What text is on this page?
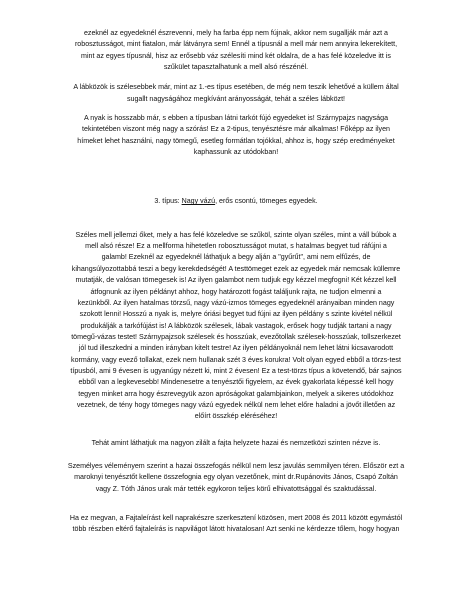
ezeknél az egyedeknél észrevenni, mely ha farba épp nem fújnak, akkor nem sugallják már azt a

robosztusságot, mint fiatalon, már látványra sem! Ennél a típusnál a mell már nem annyira lekerekített,

mint az egyes típusnál, hisz az erősebb váz szélesíti mind két oldalra, de a has felé közeledve itt is

szűkület tapasztalhatunk a mell alsó részénél.

A lábközök is szélesebbek már, mint az 1.-es típus esetében, de még nem teszik lehetővé a küllem által

sugallt nagyságához megkívánt arányosságát, tehát a széles lábközt!

A nyak is hosszabb már, s ebben a típusban látni tarkót fújó egyedeket is! Szárnypajzs nagysága

tekintetében viszont még nagy a szórás! Ez a 2-tipus, tenyésztésre már alkalmas! Főképp az ilyen

hímeket lehet használni, nagy tömegű, esetleg formátlan tojókkal, ahhoz is, hogy szép eredményeket

kaphassunk az utódokban!

3. típus: Nagy vázú, erős csontú, tömeges egyedek.

Széles mell jellemzi őket, mely a has felé közeledve se szűköl, szinte olyan széles, mint a váll búbok a

mell alsó része! Ez a mellforma hihetetlen robosztusságot mutat, s hatalmas begyet tud ráfújni a

galamb! Ezeknél az egyedeknél láthatjuk a begy alján a "gyűrűt", ami nem elfűzés, de

kihangsúlyozottabbá teszi a begy kerekdedségét! A testtömeget ezek az egyedek már nemcsak küllemre

mutatják, de valósan tömegesek is! Az ilyen galambot nem tudjuk egy kézzel megfogni! Két kézzel kell

átfognunk az ilyen példányt ahhoz, hogy határozott fogást találjunk rajta, ne tudjon elmenni a

kezünkből. Az ilyen hatalmas törzsű, nagy vázú-izmos tömeges egyedeknél arányaiban minden nagy

szokott lenni! Hosszú a nyak is, melyre óriási begyet tud fújni az ilyen példány s szinte kivétel nélkül

produkálják a tarkófújást is! A lábközök szélesek, lábak vastagok, erősek hogy tudják tartani a nagy

tömegű-vázas testet! Szárnypajzsok szélesek és hosszúak, evezőtollak szélesek-hosszúak, tollszerkezet

jól tud illeszkedni a minden irányban kitelt testre! Az ilyen példányoknál nem lehet látni kicsavarodott

kormány, vagy evező tollakat, ezek nem hullanak szét 3 éves korukra! Volt olyan egyed ebből a törzs-test

típusból, ami 9 évesen is ugyanúgy nézett ki, mint 2 évesen! Ez a test-törzs típus a követendő, bár sajnos

ebből van a legkevesebb! Mindenesetre a tenyésztői figyelem, az évek gyakorlata képessé kell hogy

tegyen minket arra hogy észrevegyük azon apróságokat galambjainkon, melyek a sikeres utódokhoz

vezetnek, de tény hogy tömeges nagy vázú egyedek nélkül nem lehet előre haladni a jövőt illetően az

előírt összkép eléréséhez!

Tehát amint láthatjuk ma nagyon zilált a fajta helyzete hazai és nemzetközi szinten nézve is.

Személyes véleményem szerint a hazai összefogás nélkül nem lesz javulás semmilyen téren. Először ezt a

maroknyi tenyésztőt kellene összefognia egy olyan vezetőnek, mint dr.Rupánovits János, Csapó Zoltán

vagy Z. Tóth János urak már tették egykoron teljes körű elhivatottsággal és szaktudással.

Ha ez megvan, a Fajtaleírást kell naprakészre szerkesztení közösen, mert 2008 és 2011 között egymástól

több részben eltérő fajtaleírás is napvilágot látott hivatalosan! Azt senki ne kérdezze tőlem, hogy hogyan
